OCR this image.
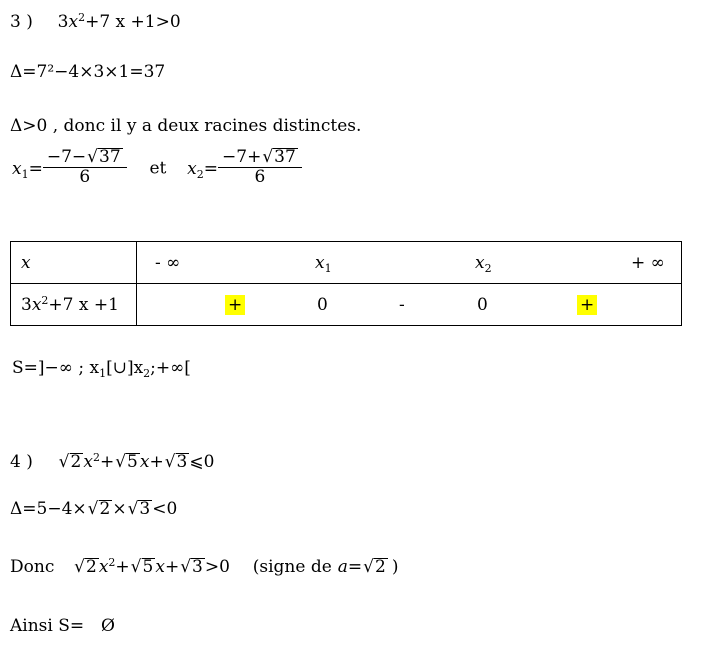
3 ) $3x^2+7$ x +1>0
Δ=7²−4×3×1=37
Δ>0 , donc il y a deux racines distinctes.
$x_1= \frac{-7-√37}{6}$ et $x_2= \frac{-7+√37}{6}$
x	- ∞ $x_1$ $x_2$ + ∞

$3x^2+7$ x +1	+ 0 - 0 +
S=]−∞ ; $x_1[\cup]x_2;+\infty$[
4 ) √2 $x^2+√5$ x+√3 ⩽0
Δ=5−4×√2 ×√3 <0
Donc √2 $x^2+√5$ x+√3 >0 (signe de a=√2 )
Ainsi S= Ø
